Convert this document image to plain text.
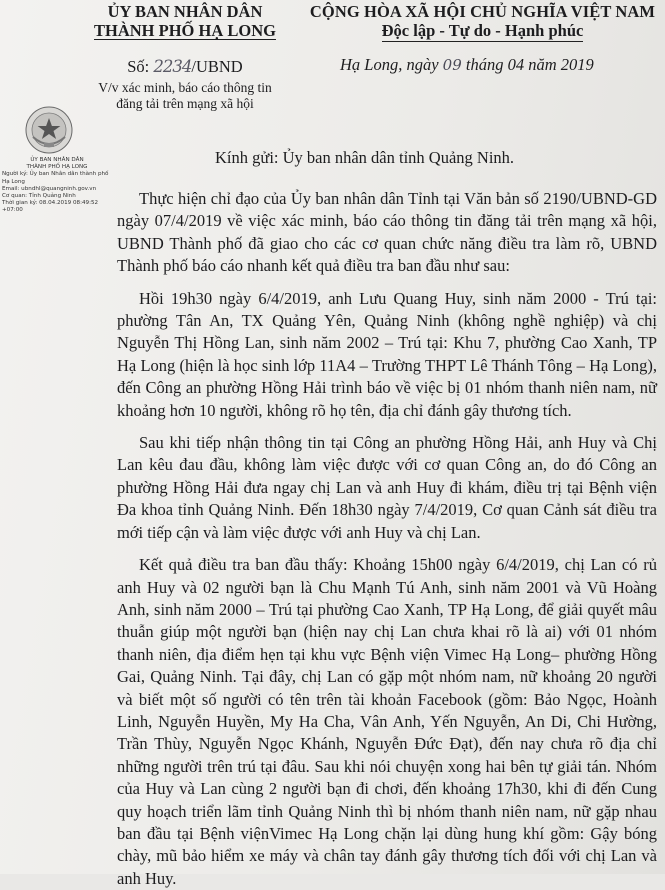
ỦY BAN NHÂN DÂN
THÀNH PHỐ HẠ LONG
Số: 2234/UBND
V/v xác minh, báo cáo thông tin
đăng tải trên mạng xã hội
CỘNG HÒA XÃ HỘI CHỦ NGHĨA VIỆT NAM
Độc lập - Tự do - Hạnh phúc
Hạ Long, ngày 09 tháng 04 năm 2019
ỦY BAN NHÂN DÂN
THÀNH PHỐ HẠ LONG
Người ký: Ủy ban Nhân dân thành phố Hạ Long
Email: ubndhl@quangninh.gov.vn
Cơ quan: Tỉnh Quảng Ninh
Thời gian ký: 08.04.2019 08:49:52 +07:00
Kính gửi: Ủy ban nhân dân tỉnh Quảng Ninh.

Thực hiện chỉ đạo của Ủy ban nhân dân Tỉnh tại Văn bản số 2190/UBND-GD ngày 07/4/2019 về việc xác minh, báo cáo thông tin đăng tải trên mạng xã hội, UBND Thành phố đã giao cho các cơ quan chức năng điều tra làm rõ, UBND Thành phố báo cáo nhanh kết quả điều tra ban đầu như sau:

Hồi 19h30 ngày 6/4/2019, anh Lưu Quang Huy, sinh năm 2000 - Trú tại: phường Tân An, TX Quảng Yên, Quảng Ninh (không nghề nghiệp) và chị Nguyễn Thị Hồng Lan, sinh năm 2002 – Trú tại: Khu 7, phường Cao Xanh, TP Hạ Long (hiện là học sinh lớp 11A4 – Trường THPT Lê Thánh Tông – Hạ Long), đến Công an phường Hồng Hải trình báo về việc bị 01 nhóm thanh niên nam, nữ khoảng hơn 10 người, không rõ họ tên, địa chỉ đánh gây thương tích.

Sau khi tiếp nhận thông tin tại Công an phường Hồng Hải, anh Huy và Chị Lan kêu đau đầu, không làm việc được với cơ quan Công an, do đó Công an phường Hồng Hải đưa ngay chị Lan và anh Huy đi khám, điều trị tại Bệnh viện Đa khoa tỉnh Quảng Ninh. Đến 18h30 ngày 7/4/2019, Cơ quan Cảnh sát điều tra mới tiếp cận và làm việc được với anh Huy và chị Lan.

Kết quả điều tra ban đầu thấy: Khoảng 15h00 ngày 6/4/2019, chị Lan có rủ anh Huy và 02 người bạn là Chu Mạnh Tú Anh, sinh năm 2001 và Vũ Hoàng Anh, sinh năm 2000 – Trú tại phường Cao Xanh, TP Hạ Long, để giải quyết mâu thuẫn giúp một người bạn (hiện nay chị Lan chưa khai rõ là ai) với 01 nhóm thanh niên, địa điểm hẹn tại khu vực Bệnh viện Vimec Hạ Long– phường Hồng Gai, Quảng Ninh. Tại đây, chị Lan có gặp một nhóm nam, nữ khoảng 20 người và biết một số người có tên trên tài khoản Facebook (gồm: Bảo Ngọc, Hoành Linh, Nguyễn Huyền, My Ha Cha, Vân Anh, Yến Nguyễn, An Di, Chi Hường, Trần Thùy, Nguyễn Ngọc Khánh, Nguyễn Đức Đạt), đến nay chưa rõ địa chỉ những người trên trú tại đâu. Sau khi nói chuyện xong hai bên tự giải tán. Nhóm của Huy và Lan cùng 2 người bạn đi chơi, đến khoảng 17h30, khi đi đến Cung quy hoạch triển lãm tỉnh Quảng Ninh thì bị nhóm thanh niên nam, nữ gặp nhau ban đầu tại Bệnh việnVimec Hạ Long chặn lại dùng hung khí gồm: Gậy bóng chày, mũ bảo hiểm xe máy và chân tay đánh gây thương tích đối với chị Lan và anh Huy.
